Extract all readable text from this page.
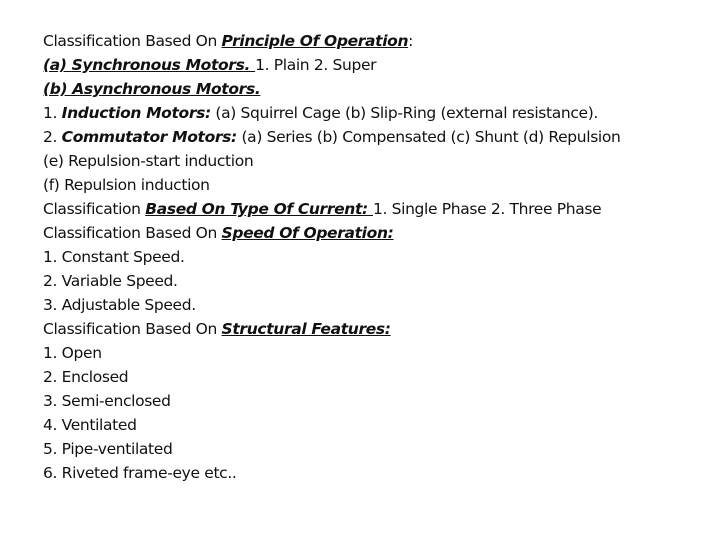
Classification Based On Principle Of Operation:
(a) Synchronous Motors. 1. Plain 2. Super
(b) Asynchronous Motors.
1. Induction Motors: (a) Squirrel Cage (b) Slip-Ring (external resistance).
2. Commutator Motors: (a) Series (b) Compensated (c) Shunt (d) Repulsion
(e) Repulsion-start induction
(f) Repulsion induction
Classification Based On Type Of Current: 1. Single Phase 2. Three Phase
Classification Based On Speed Of Operation:
1. Constant Speed.
2. Variable Speed.
3. Adjustable Speed.
Classification Based On Structural Features:
1. Open
2. Enclosed
3. Semi-enclosed
4. Ventilated
5. Pipe-ventilated
6. Riveted frame-eye etc..
